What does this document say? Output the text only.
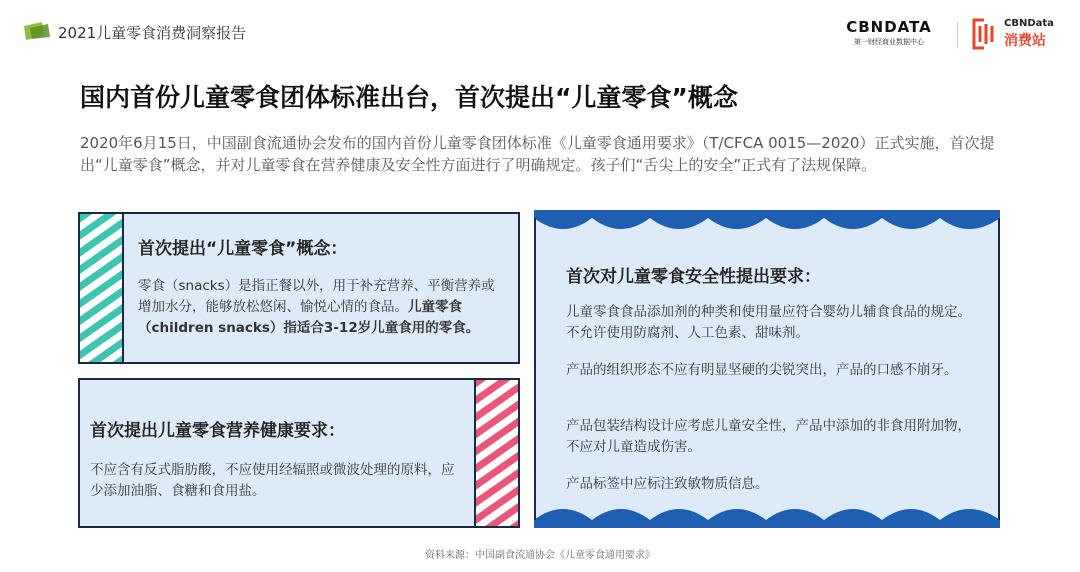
2021儿童零食消费洞察报告	CBNDATA
第一财经商业数据中心
CBNData
消费站
国内首份儿童零食团体标准出台，首次提出“儿童零食”概念
2020年6月15日，中国副食流通协会发布的国内首份儿童零食团体标准《儿童零食通用要求》（T/CFCA 0015—2020）正式实施，首次提出“儿童零食”概念，并对儿童零食在营养健康及安全性方面进行了明确规定。孩子们“舌尖上的安全”正式有了法规保障。
首次提出“儿童零食”概念：
零食（snacks）是指正餐以外，用于补充营养、平衡营养或增加水分，能够放松悠闲、愉悦心情的食品。儿童零食（children snacks）指适合3-12岁儿童食用的零食。
首次提出儿童零食营养健康要求：
不应含有反式脂肪酸，不应使用经辐照或微波处理的原料，应少添加油脂、食糖和食用盐。
首次对儿童零食安全性提出要求：
儿童零食食品添加剂的种类和使用量应符合婴幼儿辅食食品的规定。不允许使用防腐剂、人工色素、甜味剂。
产品的组织形态不应有明显坚硬的尖锐突出，产品的口感不崩牙。
产品包装结构设计应考虑儿童安全性，产品中添加的非食用附加物，不应对儿童造成伤害。
产品标签中应标注致敏物质信息。
资料来源：中国副食流通协会《儿童零食通用要求》
